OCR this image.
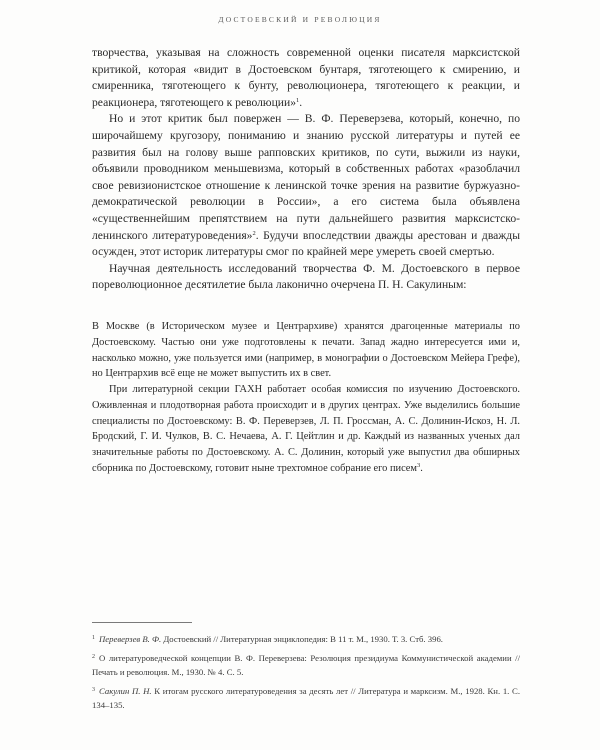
ДОСТОЕВСКИЙ И РЕВОЛЮЦИЯ

творчества, указывая на сложность современной оценки писателя марксистской критикой, которая «видит в Достоевском бунтаря, тяготеющего к смирению, и смиренника, тяготеющего к бунту, революционера, тяготеющего к реакции, и реакционера, тяготеющего к революции»$^1$.

Но и этот критик был повержен — В. Ф. Переверзева, который, конечно, по широчайшему кругозору, пониманию и знанию русской литературы и путей ее развития был на голову выше рапповских критиков, по сути, выжили из науки, объявили проводником меньшевизма, который в собственных работах «разоблачил свое ревизионистское отношение к ленинской точке зрения на развитие буржуазно-демократической революции в России», а его система была объявлена «существеннейшим препятствием на пути дальнейшего развития марксистско-ленинского литературоведения»$^2$. Будучи впоследствии дважды арестован и дважды осужден, этот историк литературы смог по крайней мере умереть своей смертью.

Научная деятельность исследований творчества Ф. М. Достоевского в первое пореволюционное десятилетие была лаконично очерчена П. Н. Сакулиным:

В Москве (в Историческом музее и Центрархиве) хранятся драгоценные материалы по Достоевскому. Частью они уже подготовлены к печати. Запад жадно интересуется ими и, насколько можно, уже пользуется ими (например, в монографии о Достоевском Мейера Грефе), но Центрархив всё еще не может выпустить их в свет.

При литературной секции ГАХН работает особая комиссия по изучению Достоевского. Оживленная и плодотворная работа происходит и в других центрах. Уже выделились большие специалисты по Достоевскому: В. Ф. Переверзев, Л. П. Гроссман, А. С. Долинин-Искоз, Н. Л. Бродский, Г. И. Чулков, В. С. Нечаева, А. Г. Цейтлин и др. Каждый из названных ученых дал значительные работы по Достоевскому. А. С. Долинин, который уже выпустил два обширных сборника по Достоевскому, готовит ныне трехтомное собрание его писем$^3$.

$^1$ Переверзев В. Ф. Достоевский // Литературная энциклопедия: В 11 т. М., 1930. Т. 3. Стб. 396.

$^2$ О литературоведческой концепции В. Ф. Переверзева: Резолюция президиума Коммунистической академии // Печать и революция. М., 1930. № 4. С. 5.

$^3$ Сакулин П. Н. К итогам русского литературоведения за десять лет // Литература и марксизм. М., 1928. Кн. 1. С. 134–135.
